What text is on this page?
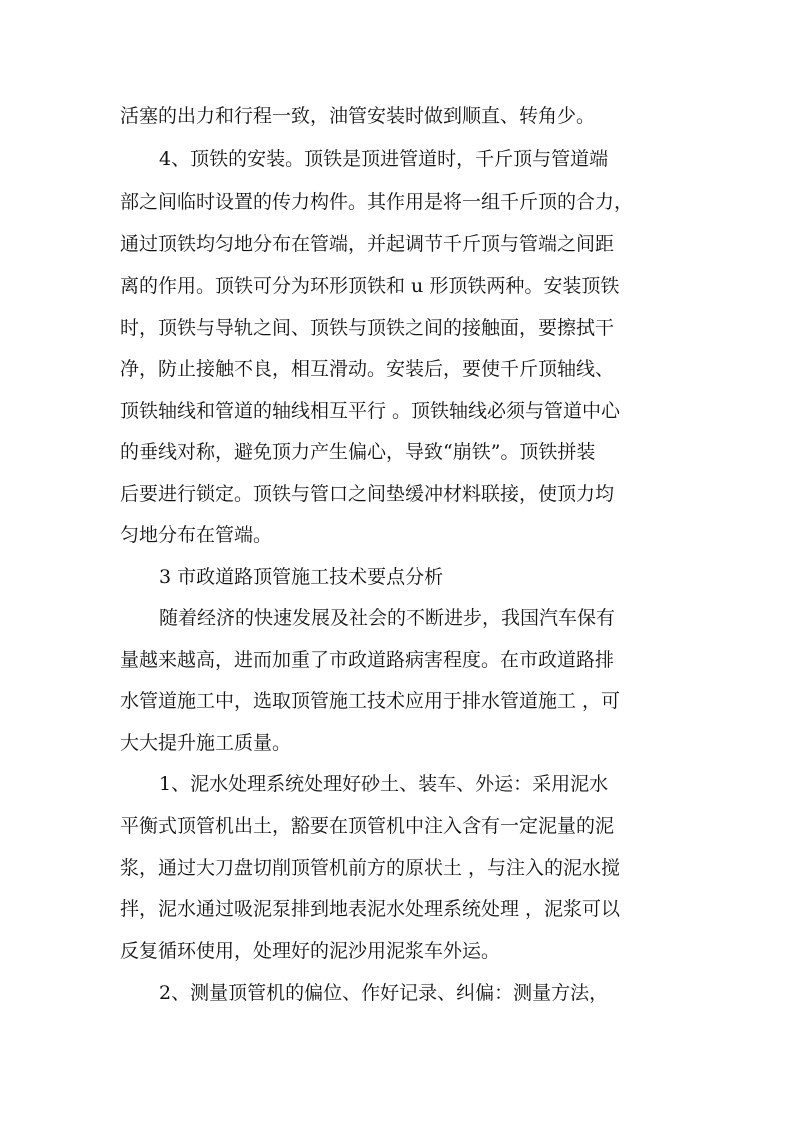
活塞的出力和行程一致，油管安装时做到顺直、转角少。
4、顶铁的安装。顶铁是顶进管道时，千斤顶与管道端
部之间临时设置的传力构件。其作用是将一组千斤顶的合力，
通过顶铁均匀地分布在管端，并起调节千斤顶与管端之间距
离的作用。顶铁可分为环形顶铁和 u 形顶铁两种。安装顶铁
时，顶铁与导轨之间、顶铁与顶铁之间的接触面，要擦拭干
净，防止接触不良，相互滑动。安装后，要使千斤顶轴线、
顶铁轴线和管道的轴线相互平行 。顶铁轴线必须与管道中心
的垂线对称，避免顶力产生偏心，导致“崩铁”。顶铁拼装
后要进行锁定。顶铁与管口之间垫缓冲材料联接，使顶力均
匀地分布在管端。
3 市政道路顶管施工技术要点分析
随着经济的快速发展及社会的不断进步，我国汽车保有
量越来越高，进而加重了市政道路病害程度。在市政道路排
水管道施工中，选取顶管施工技术应用于排水管道施工 ，可
大大提升施工质量。
1、泥水处理系统处理好砂土、装车、外运：采用泥水
平衡式顶管机出土，豁要在顶管机中注入含有一定泥量的泥
浆，通过大刀盘切削顶管机前方的原状土 ，与注入的泥水搅
拌，泥水通过吸泥泵排到地表泥水处理系统处理 ，泥浆可以
反复循环使用，处理好的泥沙用泥浆车外运。
2、测量顶管机的偏位、作好记录、纠偏：测量方法，
